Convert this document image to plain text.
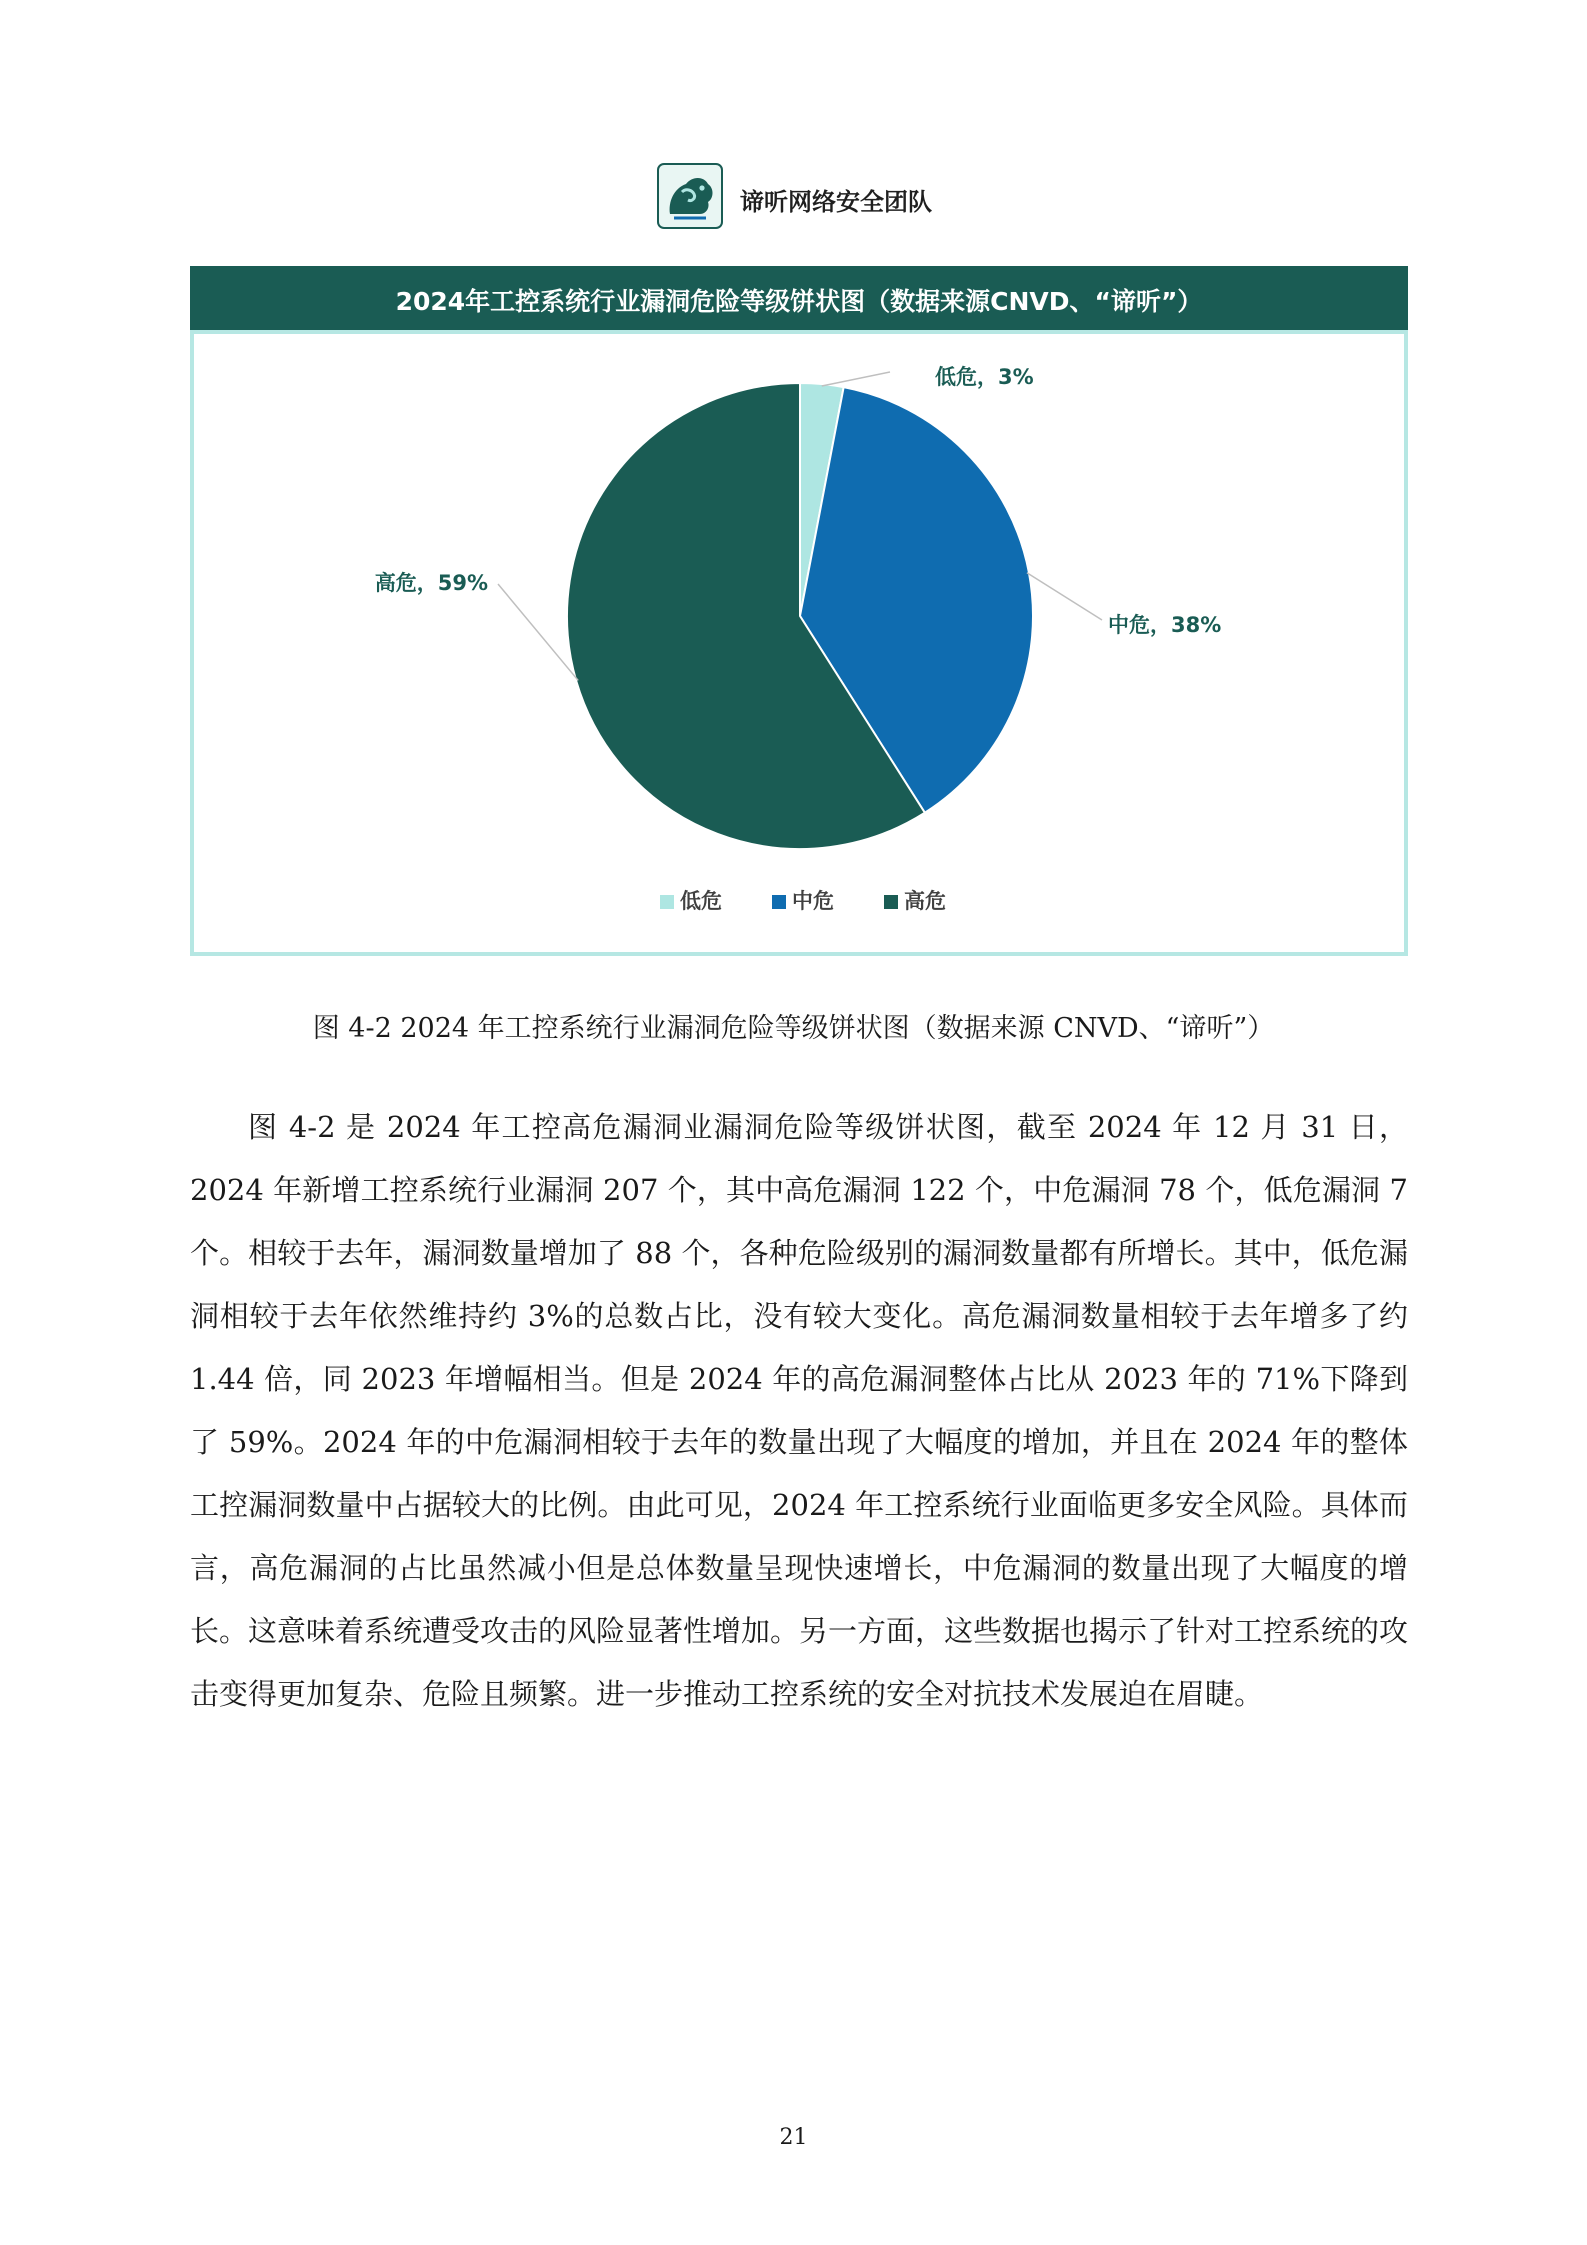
谛听网络安全团队
低危，3%
中危，38%
高危，59%
低危	中危	高危
2024年工控系统行业漏洞危险等级饼状图（数据来源CNVD、“谛听”）
图 4-2 2024 年工控系统行业漏洞危险等级饼状图（数据来源 CNVD、“谛听”）

图 4-2 是 2024 年工控高危漏洞业漏洞危险等级饼状图，截至 2024 年 12 月 31 日，2024 年新增工控系统行业漏洞 207 个，其中高危漏洞 122 个，中危漏洞 78 个，低危漏洞 7 个。相较于去年，漏洞数量增加了 88 个，各种危险级别的漏洞数量都有所增长。其中，低危漏洞相较于去年依然维持约 3%的总数占比，没有较大变化。高危漏洞数量相较于去年增多了约 1.44 倍，同 2023 年增幅相当。但是 2024 年的高危漏洞整体占比从 2023 年的 71%下降到了 59%。2024 年的中危漏洞相较于去年的数量出现了大幅度的增加，并且在 2024 年的整体工控漏洞数量中占据较大的比例。由此可见，2024 年工控系统行业面临更多安全风险。具体而言，高危漏洞的占比虽然减小但是总体数量呈现快速增长，中危漏洞的数量出现了大幅度的增长。这意味着系统遭受攻击的风险显著性增加。另一方面，这些数据也揭示了针对工控系统的攻击变得更加复杂、危险且频繁。进一步推动工控系统的安全对抗技术发展迫在眉睫。

21
